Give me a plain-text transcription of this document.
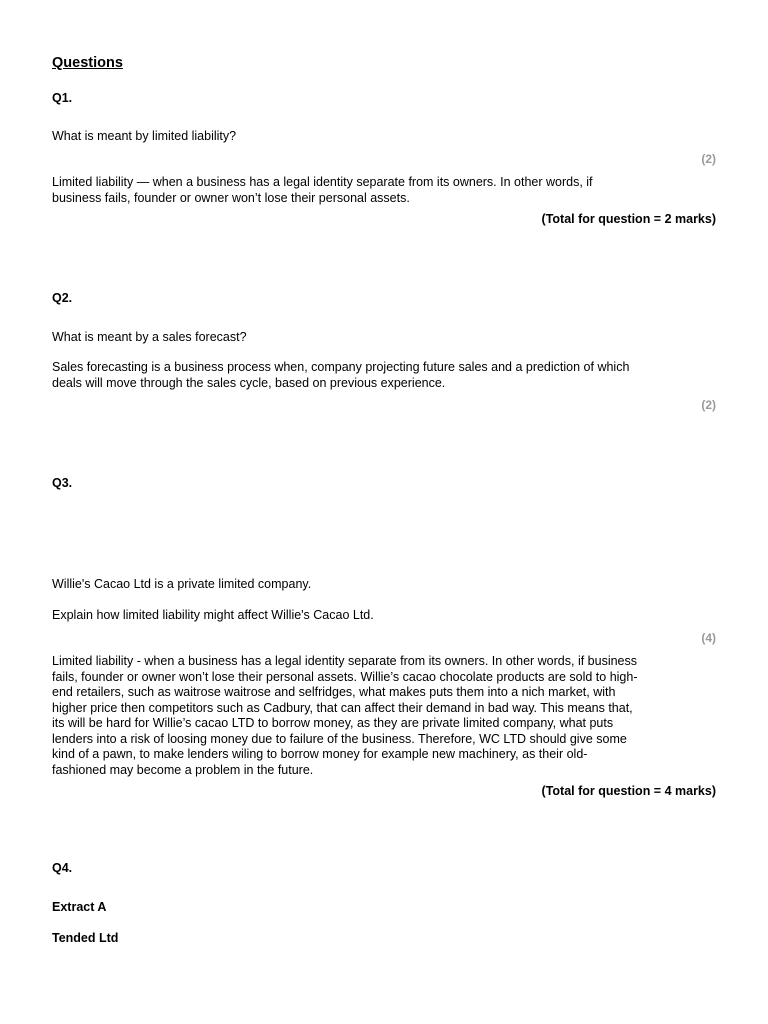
Questions
Q1.
What is meant by limited liability?
(2)
Limited liability — when a business has a legal identity separate from its owners. In other words, if
business fails, founder or owner won’t lose their personal assets.
(Total for question = 2 marks)
Q2.
What is meant by a sales forecast?
Sales forecasting is a business process when, company projecting future sales and a prediction of which
deals will move through the sales cycle, based on previous experience.
(2)
Q3.
Willie's Cacao Ltd is a private limited company.
Explain how limited liability might affect Willie's Cacao Ltd.
(4)
Limited liability - when a business has a legal identity separate from its owners. In other words, if business
fails, founder or owner won’t lose their personal assets. Willie’s cacao chocolate products are sold to high-
end retailers, such as waitrose waitrose and selfridges, what makes puts them into a nich market, with
higher price then competitors such as Cadbury, that can affect their demand in bad way. This means that,
its will be hard for Willie’s cacao LTD to borrow money, as they are private limited company, what puts
lenders into a risk of loosing money due to failure of the business. Therefore, WC LTD should give some
kind of a pawn, to make lenders wiling to borrow money for example new machinery, as their old-
fashioned may become a problem in the future.
(Total for question = 4 marks)
Q4.
Extract A
Tended Ltd
